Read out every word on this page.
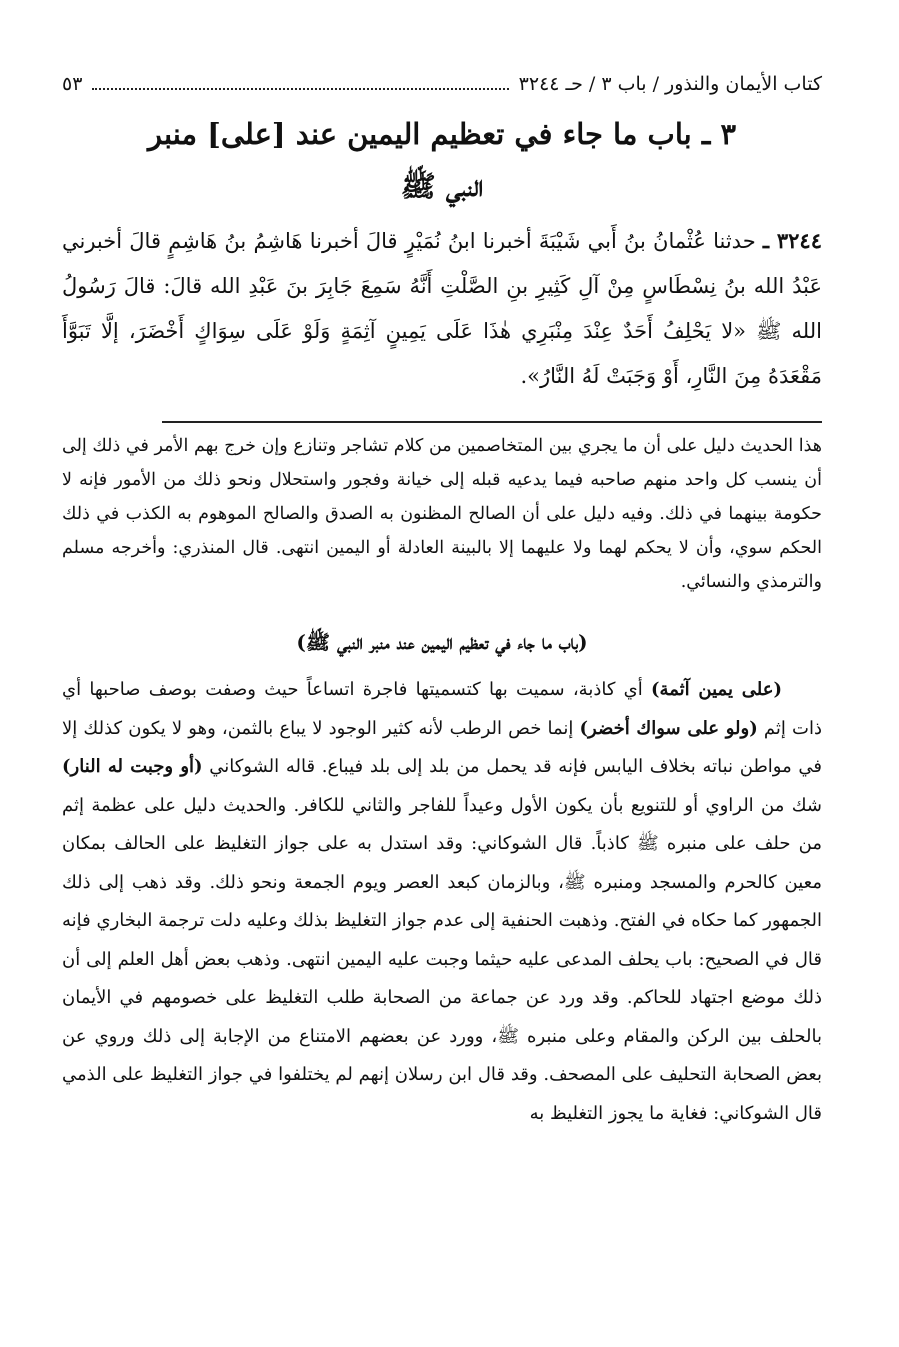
كتاب الأيمان والنذور / باب ٣ / حـ ٣٢٤٤
٥٣
٣ ـ باب ما جاء في تعظيم اليمين عند [على] منبر
النبي ﷺ

٣٢٤٤ ـ حدثنا عُثْمانُ بنُ أَبي شَيْبَةَ أخبرنا ابنُ نُمَيْرٍ قالَ أخبرنا هَاشِمُ بنُ هَاشِمٍ قالَ أخبرني عَبْدُ الله بنُ نِسْطَاسٍ مِنْ آلِ كَثِيرِ بنِ الصَّلْتِ أَنَّهُ سَمِعَ جَابِرَ بنَ عَبْدِ الله قالَ: قالَ رَسُولُ الله ﷺ «لا يَحْلِفُ أَحَدٌ عِنْدَ مِنْبَرِي هٰذَا عَلَى يَمِينٍ آثِمَةٍ وَلَوْ عَلَى سِوَاكٍ أَخْضَرَ، إلَّا تَبَوَّأَ مَقْعَدَهُ مِنَ النَّارِ، أَوْ وَجَبَتْ لَهُ النَّارُ».

هذا الحديث دليل على أن ما يجري بين المتخاصمين من كلام تشاجر وتنازع وإن خرج بهم الأمر في ذلك إلى أن ينسب كل واحد منهم صاحبه فيما يدعيه قبله إلى خيانة وفجور واستحلال ونحو ذلك من الأمور فإنه لا حكومة بينهما في ذلك. وفيه دليل على أن الصالح المظنون به الصدق والصالح الموهوم به الكذب في ذلك الحكم سوي، وأن لا يحكم لهما ولا عليهما إلا بالبينة العادلة أو اليمين انتهى. قال المنذري: وأخرجه مسلم والترمذي والنسائي.

(باب ما جاء في تعظيم اليمين عند منبر النبي ﷺ)

(على يمين آثمة) أي كاذبة، سميت بها كتسميتها فاجرة اتساعاً حيث وصفت بوصف صاحبها أي ذات إثم (ولو على سواك أخضر) إنما خص الرطب لأنه كثير الوجود لا يباع بالثمن، وهو لا يكون كذلك إلا في مواطن نباته بخلاف اليابس فإنه قد يحمل من بلد إلى بلد فيباع. قاله الشوكاني (أو وجبت له النار) شك من الراوي أو للتنويع بأن يكون الأول وعيداً للفاجر والثاني للكافر. والحديث دليل على عظمة إثم من حلف على منبره ﷺ كاذباً. قال الشوكاني: وقد استدل به على جواز التغليظ على الحالف بمكان معين كالحرم والمسجد ومنبره ﷺ، وبالزمان كبعد العصر ويوم الجمعة ونحو ذلك. وقد ذهب إلى ذلك الجمهور كما حكاه في الفتح. وذهبت الحنفية إلى عدم جواز التغليظ بذلك وعليه دلت ترجمة البخاري فإنه قال في الصحيح: باب يحلف المدعى عليه حيثما وجبت عليه اليمين انتهى. وذهب بعض أهل العلم إلى أن ذلك موضع اجتهاد للحاكم. وقد ورد عن جماعة من الصحابة طلب التغليظ على خصومهم في الأيمان بالحلف بين الركن والمقام وعلى منبره ﷺ، وورد عن بعضهم الامتناع من الإجابة إلى ذلك وروي عن بعض الصحابة التحليف على المصحف. وقد قال ابن رسلان إنهم لم يختلفوا في جواز التغليظ على الذمي قال الشوكاني: فغاية ما يجوز التغليظ به
